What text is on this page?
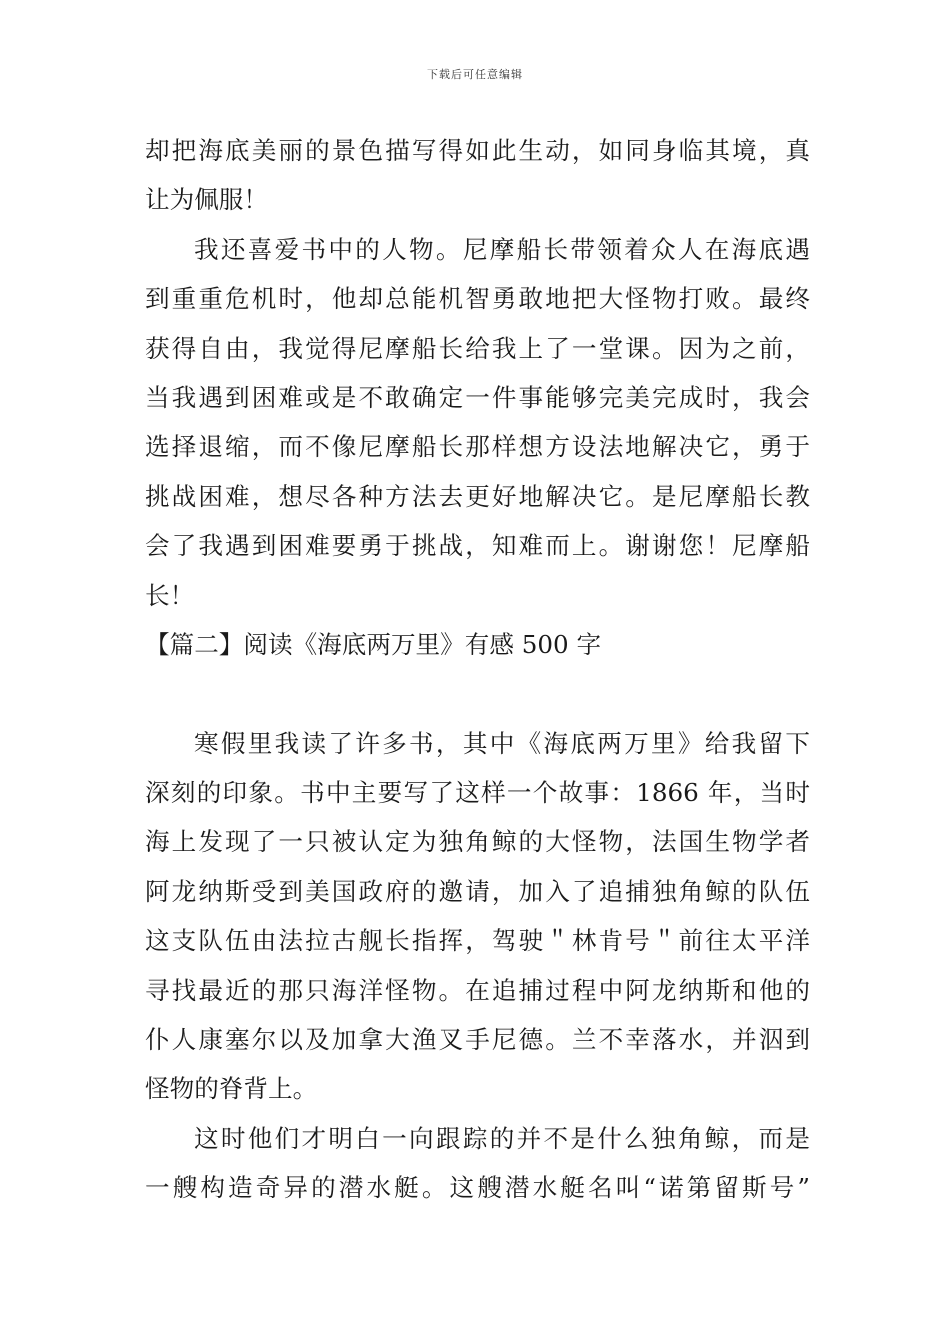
下载后可任意编辑
却把海底美丽的景色描写得如此生动，如同身临其境，真
让为佩服！
我还喜爱书中的人物。尼摩船长带领着众人在海底遇
到重重危机时，他却总能机智勇敢地把大怪物打败。最终
获得自由，我觉得尼摩船长给我上了一堂课。因为之前，
当我遇到困难或是不敢确定一件事能够完美完成时，我会
选择退缩，而不像尼摩船长那样想方设法地解决它，勇于
挑战困难，想尽各种方法去更好地解决它。是尼摩船长教
会了我遇到困难要勇于挑战，知难而上。谢谢您！尼摩船
长！
【篇二】阅读《海底两万里》有感 500 字
寒假里我读了许多书，其中《海底两万里》给我留下
深刻的印象。书中主要写了这样一个故事：1866 年，当时
海上发现了一只被认定为独角鲸的大怪物，法国生物学者
阿龙纳斯受到美国政府的邀请，加入了追捕独角鲸的队伍
这支队伍由法拉古舰长指挥，驾驶＂林肯号＂前往太平洋
寻找最近的那只海洋怪物。在追捕过程中阿龙纳斯和他的
仆人康塞尔以及加拿大渔叉手尼德。兰不幸落水，并泅到
怪物的脊背上。
这时他们才明白一向跟踪的并不是什么独角鲸，而是
一艘构造奇异的潜水艇。这艘潜水艇名叫“诺第留斯号”
